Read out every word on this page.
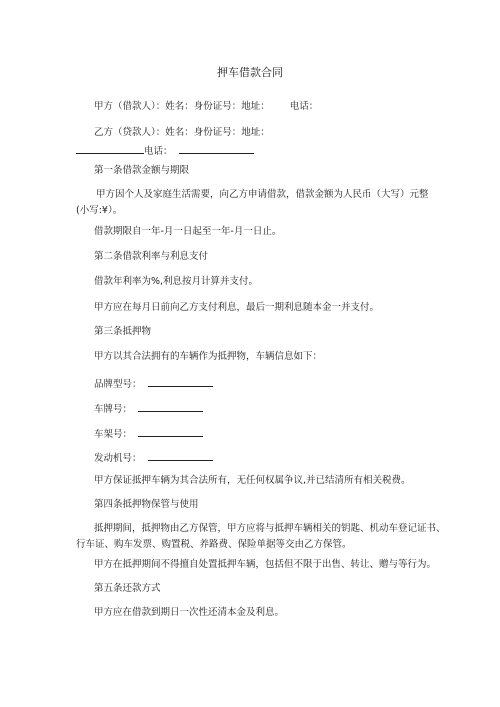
押车借款合同
甲方（借款人）：姓名：身份证号：地址： 电话：
乙方（贷款人）：姓名：身份证号：地址：
电话：
第一条借款金额与期限
甲方因个人及家庭生活需要，向乙方申请借款，借款金额为人民币（大写）元整
(小写:¥）。
借款期限自一年-月一日起至一年-月一日止。
第二条借款利率与利息支付
借款年利率为%,利息按月计算并支付。
甲方应在每月日前向乙方支付利息，最后一期利息随本金一并支付。
第三条抵押物
甲方以其合法拥有的车辆作为抵押物，车辆信息如下：
品牌型号：
车牌号：
车架号：
发动机号：
甲方保证抵押车辆为其合法所有，无任何权属争议,并已结清所有相关税费。
第四条抵押物保管与使用
抵押期间，抵押物由乙方保管，甲方应将与抵押车辆相关的钥匙、机动车登记证书、
行车证、购车发票、购置税、养路费、保险单据等交由乙方保管。
甲方在抵押期间不得擅自处置抵押车辆，包括但不限于出售、转让、赠与等行为。
第五条还款方式
甲方应在借款到期日一次性还清本金及利息。
